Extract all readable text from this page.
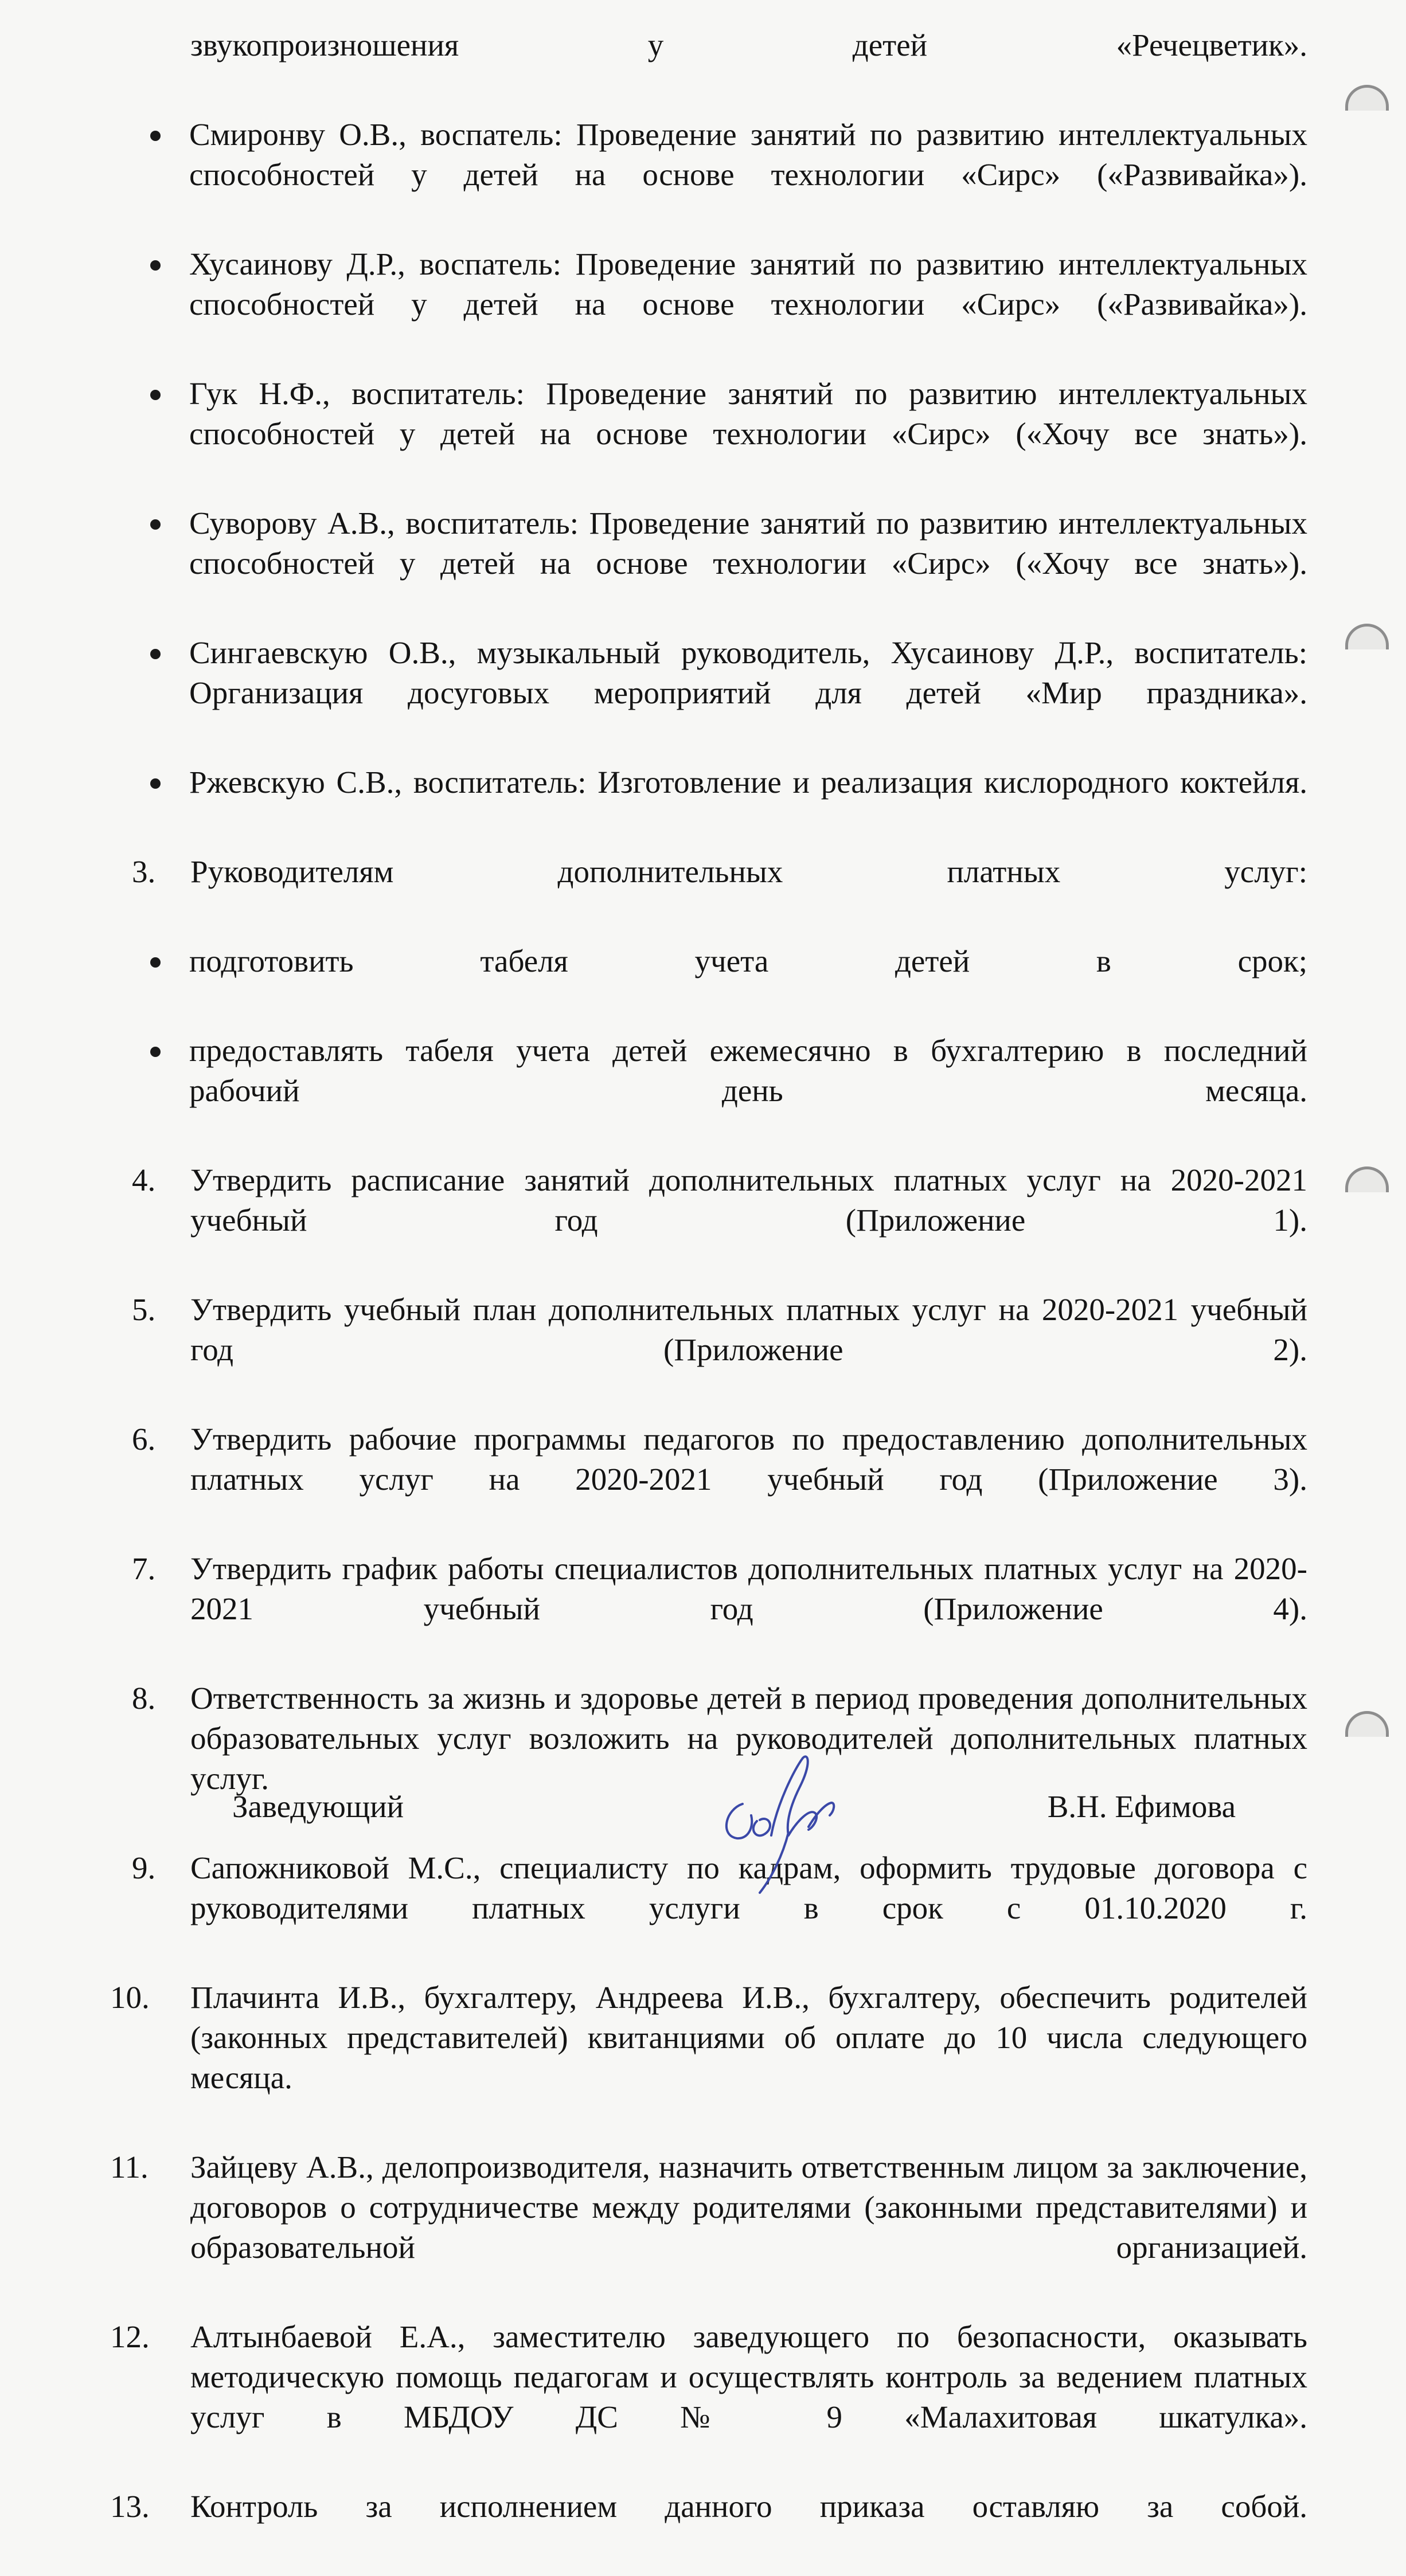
звукопроизношения у детей «Речецветик».
Смиронву О.В., воспатель: Проведение занятий по развитию интеллектуальных способностей у детей на основе технологии «Сирс» («Развивайка»).
Хусаинову Д.Р., воспатель: Проведение занятий по развитию интеллектуальных способностей у детей на основе технологии «Сирс» («Развивайка»).
Гук Н.Ф., воспитатель: Проведение занятий по развитию интеллектуальных способностей у детей на основе технологии «Сирс» («Хочу все знать»).
Суворову А.В., воспитатель: Проведение занятий по развитию интеллектуальных способностей у детей на основе технологии «Сирс» («Хочу все знать»).
Сингаевскую О.В., музыкальный руководитель, Хусаинову Д.Р., воспитатель: Организация досуговых мероприятий для детей «Мир праздника».
Ржевскую С.В., воспитатель: Изготовление и реализация кислородного коктейля.
3.	Руководителям дополнительных платных услуг:
подготовить табеля учета детей в срок;
предоставлять табеля учета детей ежемесячно в бухгалтерию в последний рабочий день месяца.
4.	Утвердить расписание занятий дополнительных платных услуг на 2020-2021 учебный год (Приложение 1).
5.	Утвердить учебный план дополнительных платных услуг на 2020-2021 учебный год (Приложение 2).
6.	Утвердить рабочие программы педагогов по предоставлению дополнительных платных услуг на 2020-2021 учебный год (Приложение 3).
7.	Утвердить график работы специалистов дополнительных платных услуг на 2020-2021 учебный год (Приложение 4).
8.	Ответственность за жизнь и здоровье детей в период проведения дополнительных образовательных услуг возложить на руководителей дополнительных платных услуг.
9.	Сапожниковой М.С., специалисту по кадрам, оформить трудовые договора с руководителями платных услуги в срок с 01.10.2020 г.
10.	Плачинта И.В., бухгалтеру, Андреева И.В., бухгалтеру, обеспечить родителей (законных представителей) квитанциями об оплате до 10 числа следующего месяца.
11.	Зайцеву А.В., делопроизводителя, назначить ответственным лицом за заключение, договоров о сотрудничестве между родителями (законными представителями) и образовательной организацией.
12.	Алтынбаевой Е.А., заместителю заведующего по безопасности, оказывать методическую помощь педагогам и осуществлять контроль за ведением платных услуг в МБДОУ ДС № 9 «Малахитовая шкатулка».
13.	Контроль за исполнением данного приказа оставляю за собой.
Заведующий	В.Н. Ефимова
